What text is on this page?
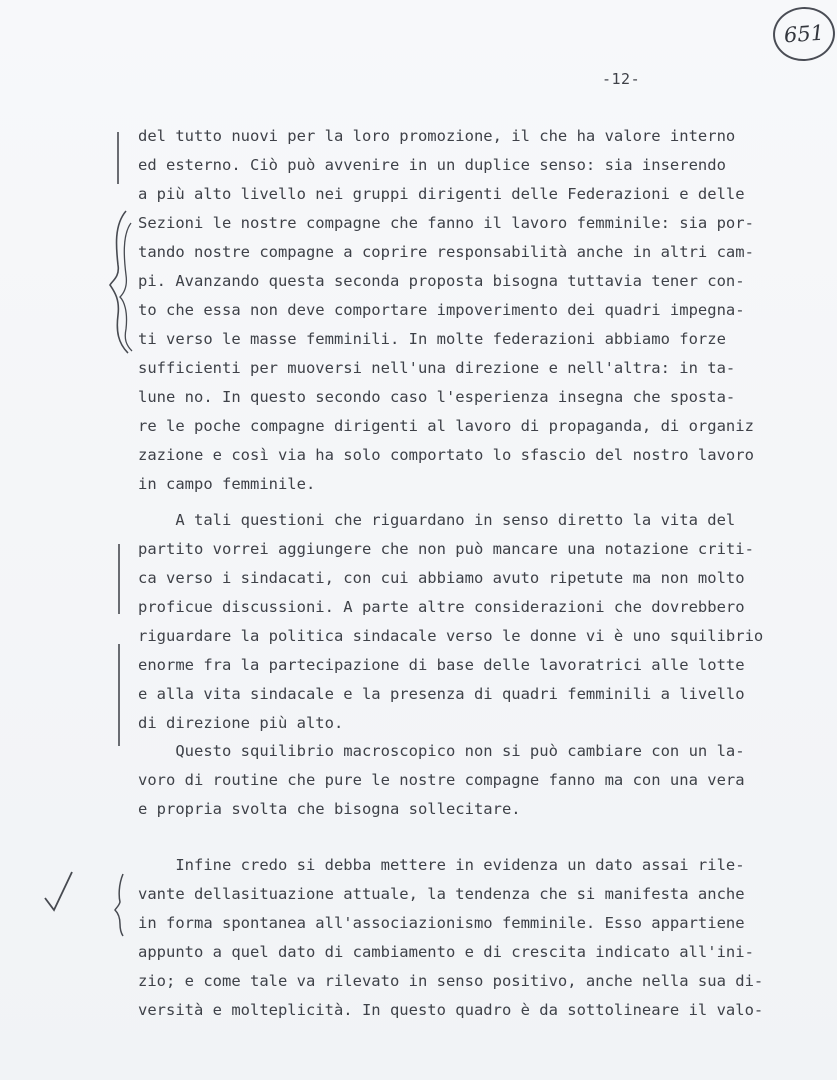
651
-12-
del tutto nuovi per la loro promozione, il che ha valore interno
ed esterno. Ciò può avvenire in un duplice senso: sia inserendo
a più alto livello nei gruppi dirigenti delle Federazioni e delle
Sezioni le nostre compagne che fanno il lavoro femminile: sia por-
tando nostre compagne a coprire responsabilità anche in altri cam-
pi. Avanzando questa seconda proposta bisogna tuttavia tener con-
to che essa non deve comportare impoverimento dei quadri impegna-
ti verso le masse femminili. In molte federazioni abbiamo forze
sufficienti per muoversi nell'una direzione e nell'altra: in ta-
lune no. In questo secondo caso l'esperienza insegna che sposta-
re le poche compagne dirigenti al lavoro di propaganda, di organiz
zazione e così via ha solo comportato lo sfascio del nostro lavoro
in campo femminile.
A tali questioni che riguardano in senso diretto la vita del
partito vorrei aggiungere che non può mancare una notazione criti-
ca verso i sindacati, con cui abbiamo avuto ripetute ma non molto
proficue discussioni. A parte altre considerazioni che dovrebbero
riguardare la politica sindacale verso le donne vi è uno squilibrio
enorme fra la partecipazione di base delle lavoratrici alle lotte
e alla vita sindacale e la presenza di quadri femminili a livello
di direzione più alto.
Questo squilibrio macroscopico non si può cambiare con un la-
voro di routine che pure le nostre compagne fanno ma con una vera
e propria svolta che bisogna sollecitare.
Infine credo si debba mettere in evidenza un dato assai rile-
vante dellasituazione attuale, la tendenza che si manifesta anche
in forma spontanea all'associazionismo femminile. Esso appartiene
appunto a quel dato di cambiamento e di crescita indicato all'ini-
zio; e come tale va rilevato in senso positivo, anche nella sua di-
versità e molteplicità. In questo quadro è da sottolineare il valo-
